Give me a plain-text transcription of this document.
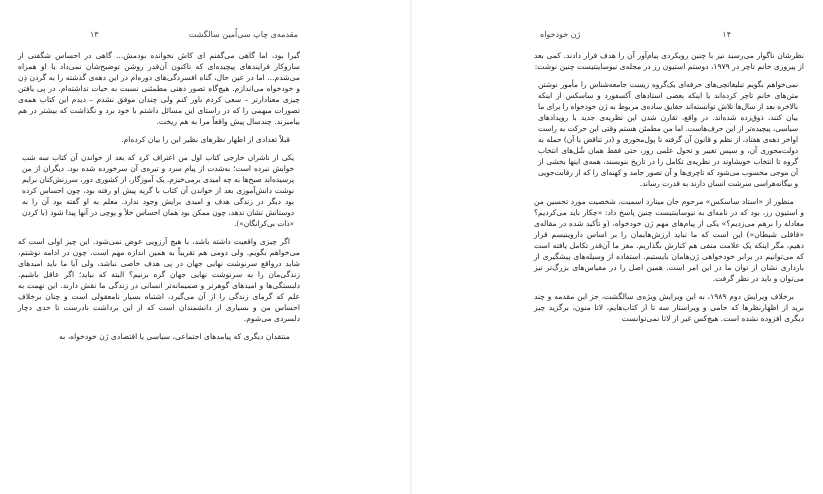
مقدمه‌ی چاپ سی‌اُمین سالگشت
۱۳

گیرا بود، اما گاهی می‌گفتم ای کاش نخوانده بودمش... گاهی در احساس شگفتی از سازوکار فرایندهای پیچیده‌ای که تاکنون آن‌قدر روشن توضیح‌شان نمی‌داد یا او همراه می‌شدم... اما در عین حال، گناه افسردگی‌های دوره‌ام در این دهه‌ی گذشته را به گردن ذِن و خودخواه می‌اندازم. هیچ‌گاه تصور ذهنی مطمئنی نسبت به حیات نداشته‌ام. در پی یافتن چیزی معنادارتر – سعی کردم باور کنم ولی چندان موفق نشدم – دیدم این کتاب همه‌ی تصورات مبهمی را که در راستای این مسائل داشتم با خود برد و نگذاشت که بیشتر در هم بیامیزند. چندسال پیش واقعاً مرا به هم ریخت.

قبلاً تعدادی از اظهار نظرهای نظیر این را بیان کرده‌ام.

یکی از ناشران خارجی کتاب اول من اعتراف کرد که بعد از خواندن آن کتاب سه شب خوابش نبرده است؛ به‌شدت از پیام سرد و تیره‌ی آن سرخورده شده بود. دیگران از من پرسیده‌اند صبح‌ها به چه امیدی برمی‌خیزم. یک آموزگار، از کشوری دور، سرزنش‌کنان برایم نوشت دانش‌آموزی بعد از خواندن آن کتاب با گریه پیش او رفته بود، چون احساس کرده بود دیگر در زندگی هدف و امیدی برایش وجود ندارد. معلم به او گفته بود آن را به دوستانش نشان ندهد، چون ممکن بود همان احساس خلأ و پوچی در آنها پیدا شود (با کردن «ذات بی‌کرانگان»).

اگر چیزی واقعیت داشته باشد، با هیچ آرزویی عوض نمی‌شود. این چیز اولی است که می‌خواهم بگویم. ولی دومی هم تقریباً به همین اندازه مهم است. چون در ادامه نوشتم، شاید درواقع سرنوشت نهایی جهان در پی هدف خاصی نباشد، ولی آیا ما باید امیدهای زندگی‌مان را به سرنوشت نهایی جهان گره بزنیم؟ البته که نباید؛ اگر عاقل باشیم. دلبستگی‌ها و امیدهای گوهرتر و صمیمانه‌تر انسانی در زندگی ما نقش دارند. این تهمت به علم که گرمای زندگی را از آن می‌گیرد، اشتباه بسیار نامعقولی است و چنان برخلاف احساس من و بسیاری از دانشمندان است که از این برداشت نادرست تا حدی دچار دلسردی می‌شوم.

منتقدان دیگری که پیامدهای اجتماعی، سیاسی یا اقتصادی ژن خودخواه، به

۱۴
ژن خودخواه

نظرشان ناگوار می‌رسید نیز با چنین رویکردی پیام‌آور آن را هدف قرار دادند. کمی بعد از پیروزی خانم تاچر در ۱۹۷۹، دوستم استیون رز در مجله‌ی نیو‌ساینتیست چنین نوشت:

نمی‌خواهم بگویم تبلیغاتچی‌های حرفه‌ای یک‌گروه زیست جامعه‌شناس را مأمور نوشتن متن‌های خانم تاچر کرده‌اند یا اینکه بعضی استادهای آکسفورد و ساسکس از اینکه بالاخره بعد از سال‌ها تلاش توانسته‌اند حقایق ساده‌ی مربوط به ژن خودخواه را برای ما بیان کنند، ذوق‌زده شده‌اند. در واقع، تقارن شدن این نظریه‌ی جدید با رویدادهای سیاسی، پیچیده‌تر از این حرف‌هاست. اما من مطمئن هستم وقتی این حرکت به راست اواخر دهه‌ی هفتاد، از نظم و قانون آن گرفته تا پول‌محوری و (در تناقض با آن) حمله به دولت‌محوری آن، و سپس تغییر و تحول علمی روز، حتی فقط همان شُل‌های انتخاب گروه تا انتخاب خویشاوند در نظریه‌ی تکامل را در تاریخ بنویسند، همه‌ی اینها بخشی از آن موجی محسوب می‌شود که تاچری‌ها و آن تصور جامد و کهنه‌ای را که از رقابت‌جویی و بیگانه‌هراسی سرشت انسان دارند به قدرت رساند.

منظور از «استاد ساسکس» مرحوم جان مینارد اسمیت، شخصیت مورد تحسین من و استیون رز، بود که در نامه‌ای به نیوساینتیست چنین پاسخ داد: «چکار باید می‌کردیم؟ معادله را برهم می‌زدیم؟» یکی از پیام‌های مهم ژن خودخواه، (و تأکید شده در مقاله‌ی «قافلی شیطان») این است که ما نباید ارزش‌هایمان را بر اساس داروینیسم قرار دهیم، مگر اینکه یک علامت منفی هم کنارش بگذاریم. مغز ما آن‌قدر تکامل یافته است که می‌توانیم در برابر خودخواهی ژن‌هامان بایستیم. استفاده از وسیله‌های پیشگیری از بارداری نشان از توان ما در این امر است. همین اصل را در مقیاس‌های بزرگ‌تر نیز می‌توان و باید در نظر گرفت.

برخلاف ویرایش دوم ۱۹۸۹، به این ویرایش ویژه‌ی سالگشت، جز این مقدمه و چند برید از اظهارنظرها که حامی و ویراستار سه تا از کتاب‌هایم، لاتا منون، برگزید چیز دیگری افزوده نشده است. هیچ‌کس غیر از لاتا نمی‌توانست
